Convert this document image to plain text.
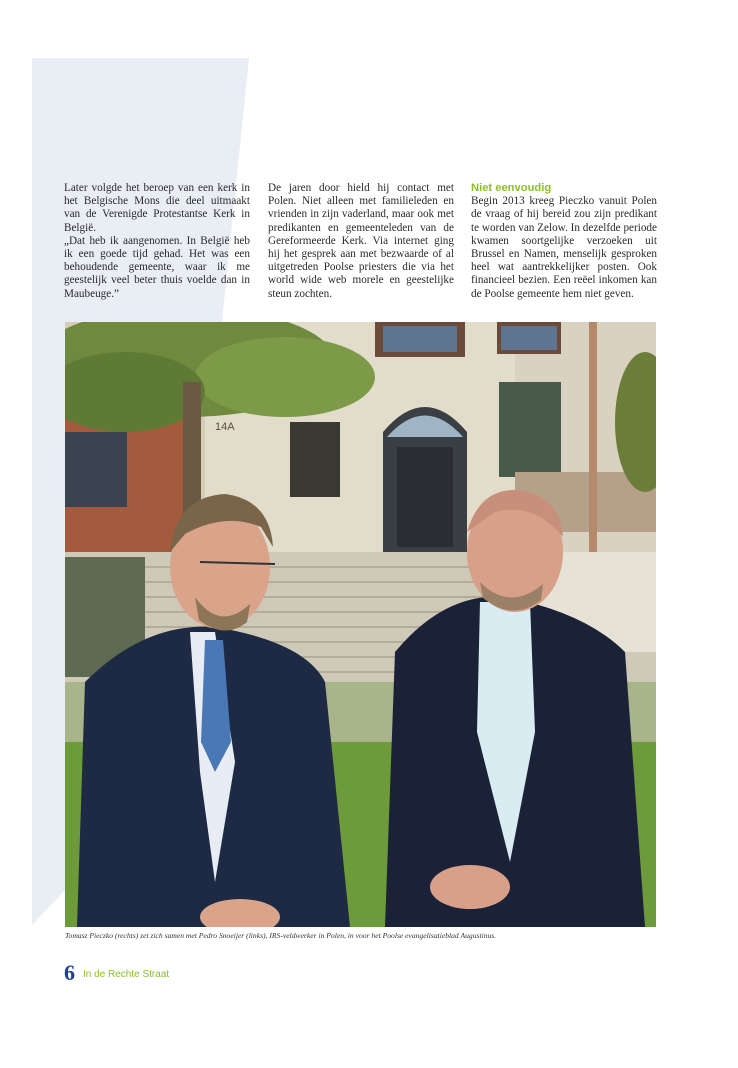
Later volgde het beroep van een kerk in het Belgische Mons die deel uitmaakt van de Verenigde Protestantse Kerk in België.

„Dat heb ik aangenomen. In België heb ik een goede tijd gehad. Het was een behoudende gemeente, waar ik me geestelijk veel beter thuis voelde dan in Maubeuge.”

De jaren door hield hij contact met Polen. Niet alleen met familieleden en vrienden in zijn vaderland, maar ook met predikanten en gemeenteleden van de Gereformeerde Kerk. Via internet ging hij het gesprek aan met bezwaarde of al uitgetreden Poolse priesters die via het world wide web morele en geestelijke steun zochten.

Niet eenvoudig

Begin 2013 kreeg Pieczko vanuit Polen de vraag of hij bereid zou zijn predikant te worden van Zelow. In dezelfde periode kwamen soortgelijke verzoeken uit Brussel en Namen, menselijk gesproken heel wat aantrekkelijker posten. Ook financieel bezien. Een reëel inkomen kan de Poolse gemeente hem niet geven.

14A
Tomasz Pieczko (rechts) zet zich samen met Pedro Snoeijer (links), IRS-veldwerker in Polen, in voor het Poolse evangelisatieblad Augustinus.
6 In de Rechte Straat
